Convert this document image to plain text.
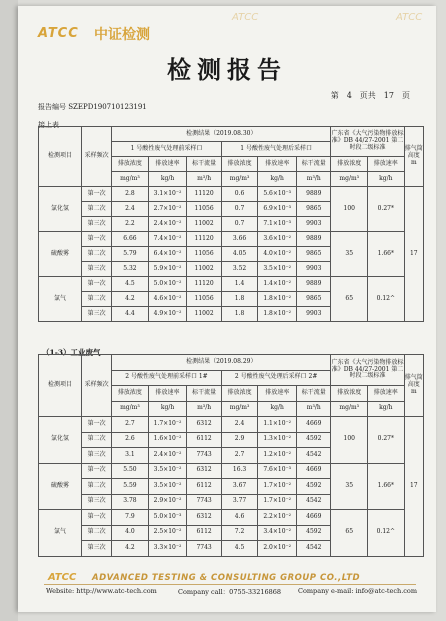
ATCC 中证检测
ATCC	ATCC
检测报告
第　4　页共　17　页
报告编号 SZEPD190710123191
接上表
检测项目	采样频次	检测结果（2019.08.30）						广东省《大气污染物排放标准》DB 44/27-2001 第二时段二级标准		排气筒高度 m
		1 号酸性废气处理前采样口			1 号酸性废气处理后采样口					
		排放浓度	排放速率	标干流量	排放浓度	排放速率	标干流量	排放浓度	排放速率	
		mg/m³	kg/h	m³/h	mg/m³	kg/h	m³/h	mg/m³	kg/h	
氯化氢	第一次	2.8	3.1×10⁻²	11120	0.6	5.6×10⁻³	9889	100	0.27*	17
	第二次	2.4	2.7×10⁻²	11056	0.7	6.9×10⁻³	9865			
	第三次	2.2	2.4×10⁻²	11002	0.7	7.1×10⁻³	9903			
硫酸雾	第一次	6.66	7.4×10⁻²	11120	3.66	3.6×10⁻²	9889	35	1.66*	
	第二次	5.79	6.4×10⁻²	11056	4.05	4.0×10⁻²	9865			
	第三次	5.32	5.9×10⁻²	11002	3.52	3.5×10⁻²	9903			
氯气	第一次	4.5	5.0×10⁻²	11120	1.4	1.4×10⁻²	9889	65	0.12^	
	第二次	4.2	4.6×10⁻²	11056	1.8	1.8×10⁻²	9865			
	第三次	4.4	4.9×10⁻²	11002	1.8	1.8×10⁻²	9903			
（1-3）工业废气
检测项目	采样频次	检测结果（2019.08.29）						广东省《大气污染物排放标准》DB 44/27-2001 第二时段二级标准		排气筒高度 m
		2 号酸性废气处理前采样口 1#			2 号酸性废气处理后采样口 2#					
		排放浓度	排放速率	标干流量	排放浓度	排放速率	标干流量	排放浓度	排放速率	
		mg/m³	kg/h	m³/h	mg/m³	kg/h	m³/h	mg/m³	kg/h	
氯化氢	第一次	2.7	1.7×10⁻²	6312	2.4	1.1×10⁻²	4669	100	0.27*	17
	第二次	2.6	1.6×10⁻²	6112	2.9	1.3×10⁻²	4592			
	第三次	3.1	2.4×10⁻²	7743	2.7	1.2×10⁻²	4542			
硫酸雾	第一次	5.50	3.5×10⁻²	6312	16.3	7.6×10⁻³	4669	35	1.66*	
	第二次	5.59	3.5×10⁻²	6112	3.67	1.7×10⁻²	4592			
	第三次	3.78	2.9×10⁻²	7743	3.77	1.7×10⁻²	4542			
氯气	第一次	7.9	5.0×10⁻³	6312	4.6	2.2×10⁻²	4669	65	0.12^	
	第二次	4.0	2.5×10⁻²	6112	7.2	3.4×10⁻²	4592			
	第三次	4.2	3.3×10⁻²	7743	4.5	2.0×10⁻²	4542			
ATCC ADVANCED TESTING & CONSULTING GROUP CO.,LTD
Website: http://www.atc-tech.com	Company call：0755-33216868	Company e-mail: info@atc-tech.com
